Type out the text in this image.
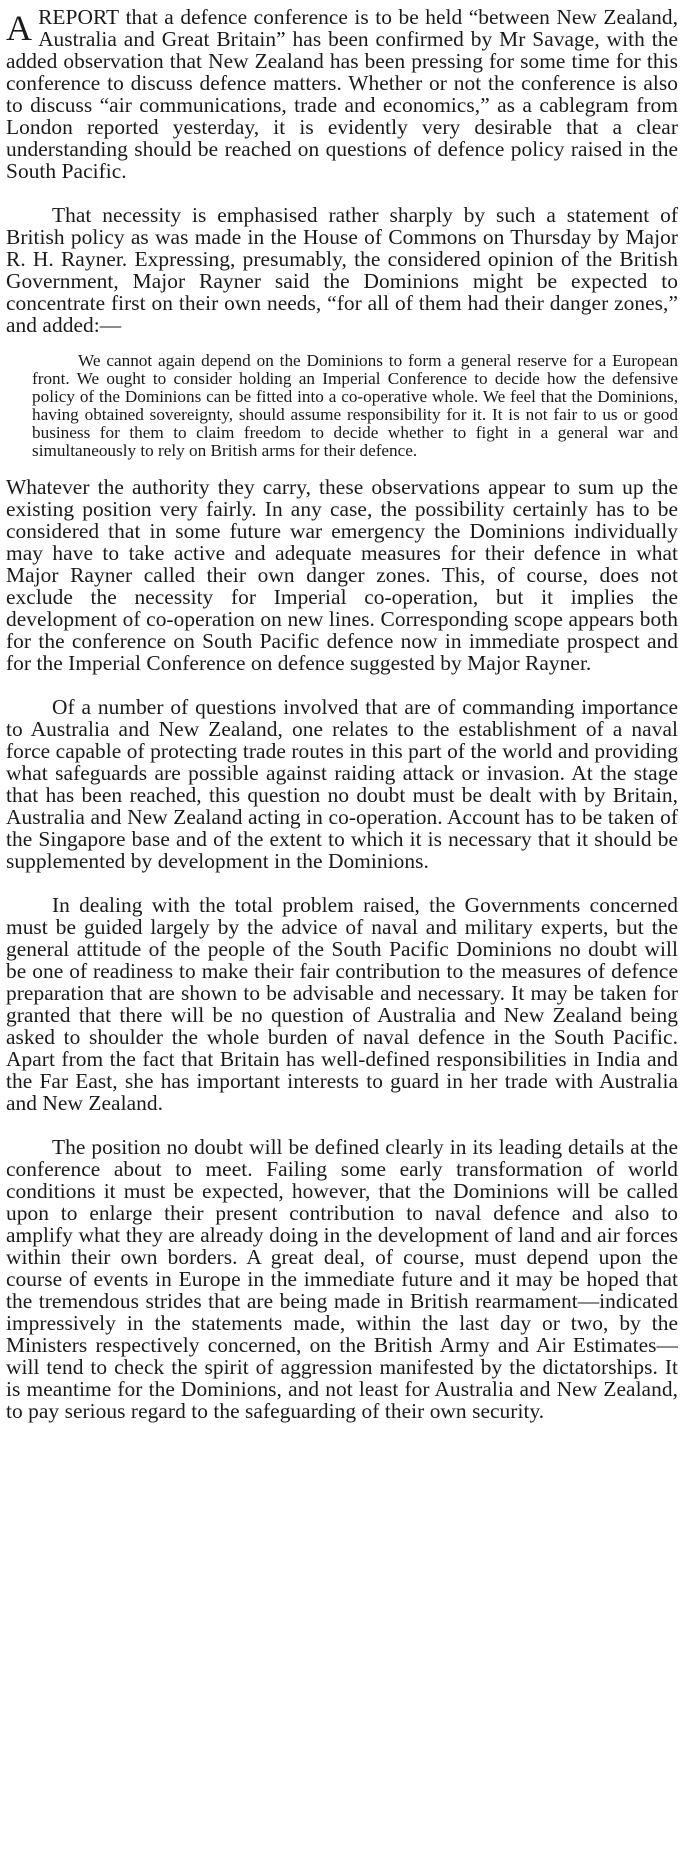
AREPORT that a defence conference is to be held “between New Zealand, Australia and Great Britain” has been confirmed by Mr Savage, with the added observation that New Zealand has been pressing for some time for this conference to discuss defence matters. Whether or not the conference is also to discuss “air communications, trade and economics,” as a cablegram from London reported yesterday, it is evidently very desirable that a clear understanding should be reached on questions of defence policy raised in the South Pacific.

That necessity is emphasised rather sharply by such a statement of British policy as was made in the House of Commons on Thursday by Major R. H. Rayner. Expressing, presumably, the considered opinion of the British Government, Major Rayner said the Dominions might be expected to concentrate first on their own needs, “for all of them had their danger zones,” and added:—

We cannot again depend on the Dominions to form a general reserve for a European front. We ought to consider holding an Imperial Conference to decide how the defensive policy of the Dominions can be fitted into a co-operative whole. We feel that the Dominions, having obtained sovereignty, should assume responsibility for it. It is not fair to us or good business for them to claim freedom to decide whether to fight in a general war and simultaneously to rely on British arms for their defence.

Whatever the authority they carry, these observations appear to sum up the existing position very fairly. In any case, the possibility certainly has to be considered that in some future war emergency the Dominions individually may have to take active and adequate measures for their defence in what Major Rayner called their own danger zones. This, of course, does not exclude the necessity for Imperial co-operation, but it implies the development of co-operation on new lines. Corresponding scope appears both for the conference on South Pacific defence now in immediate prospect and for the Imperial Conference on defence suggested by Major Rayner.

Of a number of questions involved that are of commanding importance to Australia and New Zealand, one relates to the establishment of a naval force capable of protecting trade routes in this part of the world and providing what safeguards are possible against raiding attack or invasion. At the stage that has been reached, this question no doubt must be dealt with by Britain, Australia and New Zealand acting in co-operation. Account has to be taken of the Singapore base and of the extent to which it is necessary that it should be supplemented by development in the Dominions.

In dealing with the total problem raised, the Governments concerned must be guided largely by the advice of naval and military experts, but the general attitude of the people of the South Pacific Dominions no doubt will be one of readiness to make their fair contribution to the measures of defence preparation that are shown to be advisable and necessary. It may be taken for granted that there will be no question of Australia and New Zealand being asked to shoulder the whole burden of naval defence in the South Pacific. Apart from the fact that Britain has well-defined responsibilities in India and the Far East, she has important interests to guard in her trade with Australia and New Zealand.

The position no doubt will be defined clearly in its leading details at the conference about to meet. Failing some early transformation of world conditions it must be expected, however, that the Dominions will be called upon to enlarge their present contribution to naval defence and also to amplify what they are already doing in the development of land and air forces within their own borders. A great deal, of course, must depend upon the course of events in Europe in the immediate future and it may be hoped that the tremendous strides that are being made in British rearmament—indicated impressively in the statements made, within the last day or two, by the Ministers respectively concerned, on the British Army and Air Estimates—will tend to check the spirit of aggression manifested by the dictatorships. It is meantime for the Dominions, and not least for Australia and New Zealand, to pay serious regard to the safeguarding of their own security.
